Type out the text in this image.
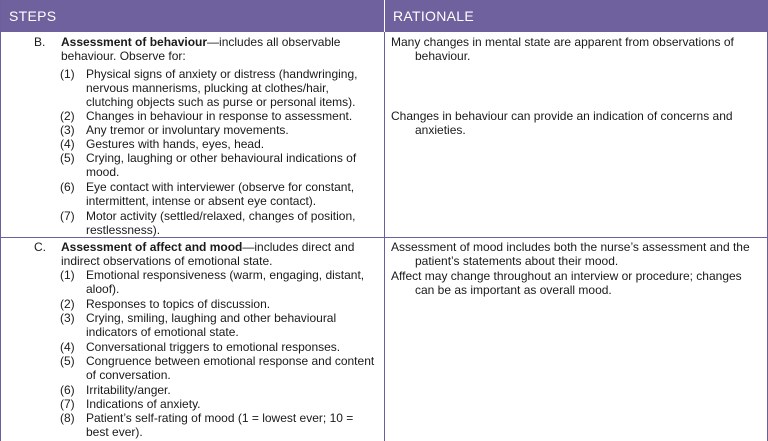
STEPS	RATIONALE
B. Assessment of behaviour—includes all observable behaviour. Observe for:
(1) Physical signs of anxiety or distress (handwringing, nervous mannerisms, plucking at clothes/hair, clutching objects such as purse or personal items).
(2) Changes in behaviour in response to assessment.
(3) Any tremor or involuntary movements.
(4) Gestures with hands, eyes, head.
(5) Crying, laughing or other behavioural indications of mood.
(6) Eye contact with interviewer (observe for constant, intermittent, intense or absent eye contact).
(7) Motor activity (settled/relaxed, changes of position, restlessness).
C. Assessment of affect and mood—includes direct and indirect observations of emotional state.
(1) Emotional responsiveness (warm, engaging, distant, aloof).
(2) Responses to topics of discussion.
(3) Crying, smiling, laughing and other behavioural indicators of emotional state.
(4) Conversational triggers to emotional responses.
(5) Congruence between emotional response and content of conversation.
(6) Irritability/anger.
(7) Indications of anxiety.
(8) Patient’s self-rating of mood (1 = lowest ever; 10 = best ever).
Many changes in mental state are apparent from observations of behaviour.
Changes in behaviour can provide an indication of concerns and anxieties.
Assessment of mood includes both the nurse’s assessment and the patient’s statements about their mood.
Affect may change throughout an interview or procedure; changes can be as important as overall mood.
